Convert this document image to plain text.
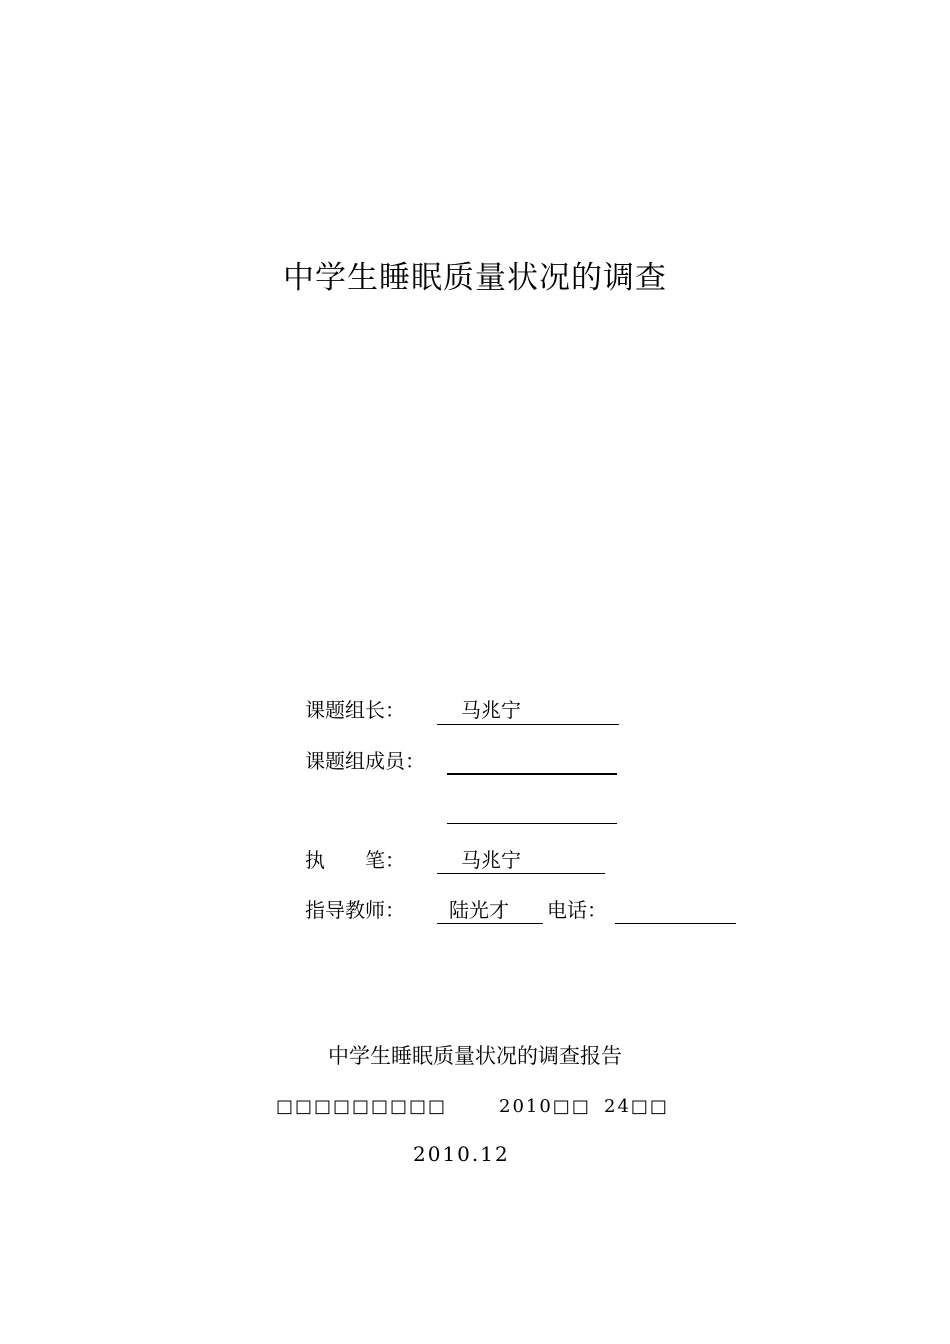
中学生睡眠质量状况的调查
课题组长：	马兆宁
课题组成员：
执　　笔：	马兆宁
指导教师： 陆光才 电话：
中学生睡眠质量状况的调查报告
□□□□□□□□□	2010□□ 24□□
2010.12
